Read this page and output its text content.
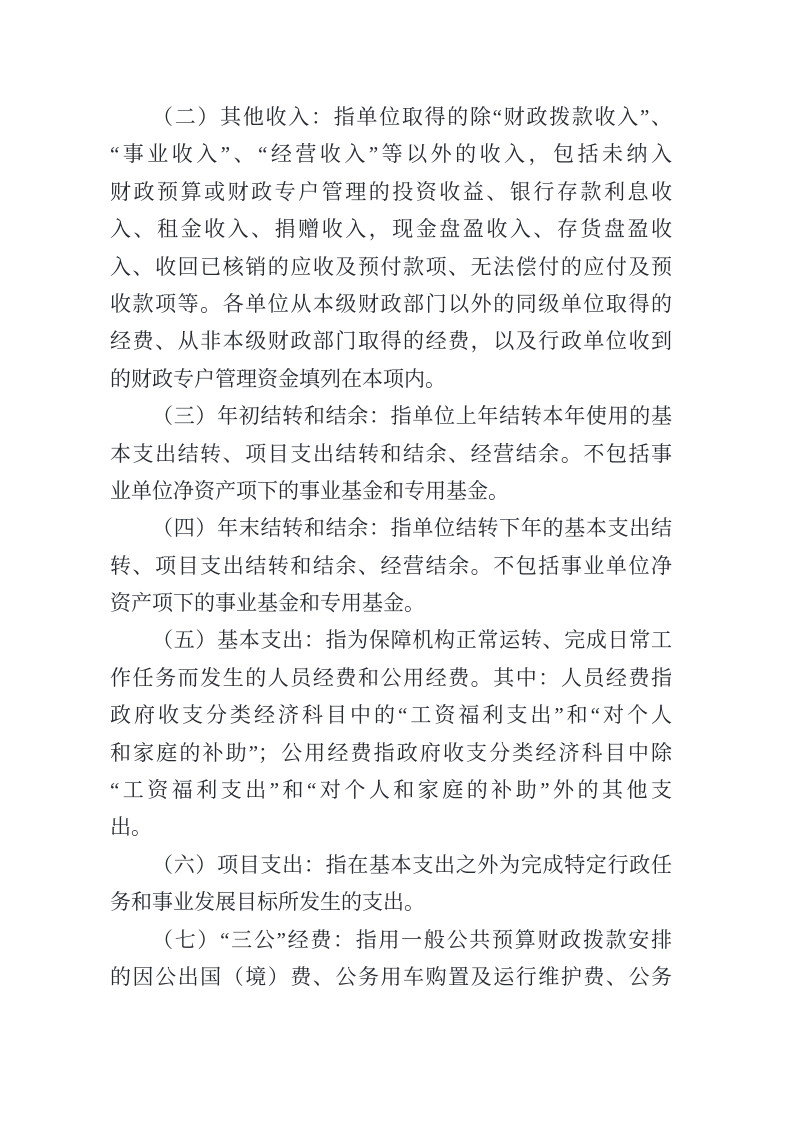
（二）其他收入：指单位取得的除“财政拨款收入”、
“事业收入”、“经营收入”等以外的收入，包括未纳入
财政预算或财政专户管理的投资收益、银行存款利息收
入、租金收入、捐赠收入，现金盘盈收入、存货盘盈收
入、收回已核销的应收及预付款项、无法偿付的应付及预
收款项等。各单位从本级财政部门以外的同级单位取得的
经费、从非本级财政部门取得的经费，以及行政单位收到
的财政专户管理资金填列在本项内。
（三）年初结转和结余：指单位上年结转本年使用的基
本支出结转、项目支出结转和结余、经营结余。不包括事
业单位净资产项下的事业基金和专用基金。
（四）年末结转和结余：指单位结转下年的基本支出结
转、项目支出结转和结余、经营结余。不包括事业单位净
资产项下的事业基金和专用基金。
（五）基本支出：指为保障机构正常运转、完成日常工
作任务而发生的人员经费和公用经费。其中：人员经费指
政府收支分类经济科目中的“工资福利支出”和“对个人
和家庭的补助”；公用经费指政府收支分类经济科目中除
“工资福利支出”和“对个人和家庭的补助”外的其他支
出。
（六）项目支出：指在基本支出之外为完成特定行政任
务和事业发展目标所发生的支出。
（七）“三公”经费：指用一般公共预算财政拨款安排
的因公出国（境）费、公务用车购置及运行维护费、公务
